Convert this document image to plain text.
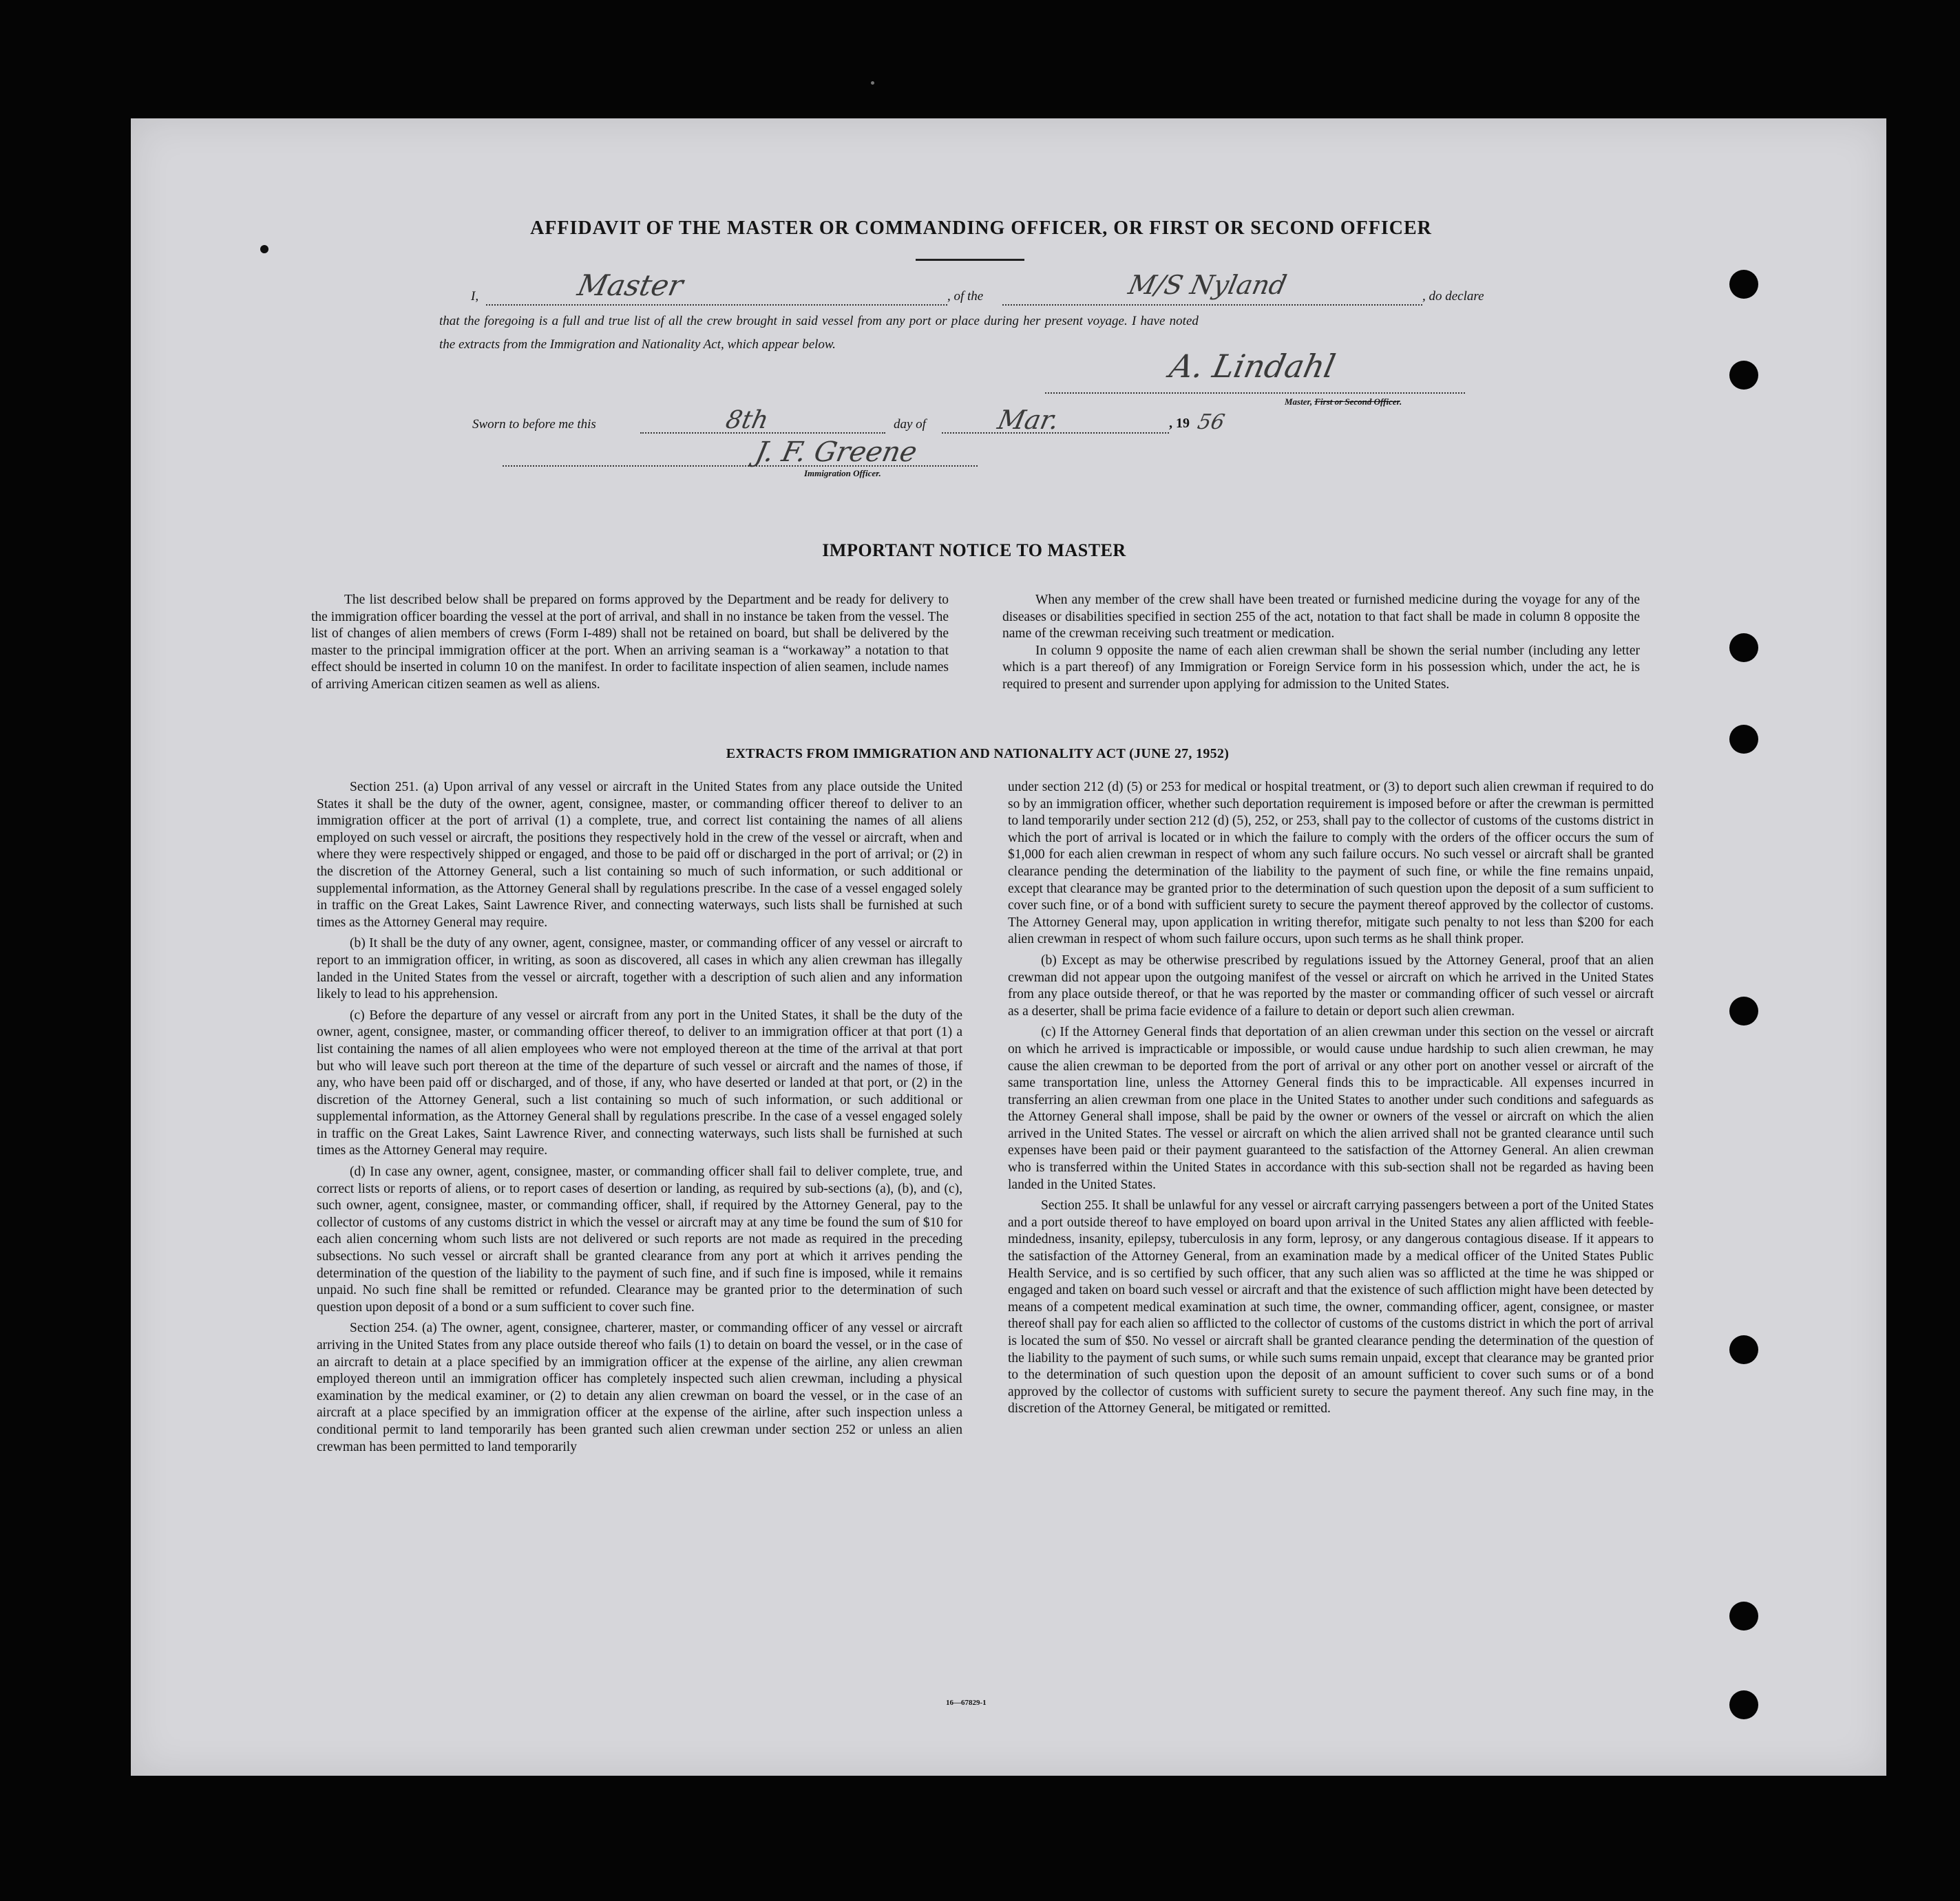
AFFIDAVIT OF THE MASTER OR COMMANDING OFFICER, OR FIRST OR SECOND OFFICER
I,	Master	, of the	M/S Nyland	, do declare
that the foregoing is a full and true list of all the crew brought in said vessel from any port or place during her present voyage. I have noted
the extracts from the Immigration and Nationality Act, which appear below.
A. Lindahl
Master, First or Second Officer.
Sworn to before me this	8th	day of	Mar.	, 19 56
J. F. Greene
Immigration Officer.
IMPORTANT NOTICE TO MASTER

The list described below shall be prepared on forms approved by the Department and be ready for delivery to the immigration officer boarding the vessel at the port of arrival, and shall in no instance be taken from the vessel. The list of changes of alien members of crews (Form I-489) shall not be retained on board, but shall be delivered by the master to the principal immigration officer at the port. When an arriving seaman is a “workaway” a notation to that effect should be inserted in column 10 on the manifest. In order to facilitate inspection of alien seamen, include names of arriving American citizen seamen as well as aliens.

When any member of the crew shall have been treated or furnished medicine during the voyage for any of the diseases or disabilities specified in section 255 of the act, notation to that fact shall be made in column 8 opposite the name of the crewman receiving such treatment or medication.

In column 9 opposite the name of each alien crewman shall be shown the serial number (including any letter which is a part thereof) of any Immigration or Foreign Service form in his possession which, under the act, he is required to present and surrender upon applying for admission to the United States.

EXTRACTS FROM IMMIGRATION AND NATIONALITY ACT (JUNE 27, 1952)

Section 251. (a) Upon arrival of any vessel or aircraft in the United States from any place outside the United States it shall be the duty of the owner, agent, consignee, master, or commanding officer thereof to deliver to an immigration officer at the port of arrival (1) a complete, true, and correct list containing the names of all aliens employed on such vessel or aircraft, the positions they respectively hold in the crew of the vessel or aircraft, when and where they were respectively shipped or engaged, and those to be paid off or discharged in the port of arrival; or (2) in the discretion of the Attorney General, such a list containing so much of such information, or such additional or supplemental information, as the Attorney General shall by regulations prescribe. In the case of a vessel engaged solely in traffic on the Great Lakes, Saint Lawrence River, and connecting waterways, such lists shall be furnished at such times as the Attorney General may require.

(b) It shall be the duty of any owner, agent, consignee, master, or commanding officer of any vessel or aircraft to report to an immigration officer, in writing, as soon as discovered, all cases in which any alien crewman has illegally landed in the United States from the vessel or aircraft, together with a description of such alien and any information likely to lead to his apprehension.

(c) Before the departure of any vessel or aircraft from any port in the United States, it shall be the duty of the owner, agent, consignee, master, or commanding officer thereof, to deliver to an immigration officer at that port (1) a list containing the names of all alien employees who were not employed thereon at the time of the arrival at that port but who will leave such port thereon at the time of the departure of such vessel or aircraft and the names of those, if any, who have been paid off or discharged, and of those, if any, who have deserted or landed at that port, or (2) in the discretion of the Attorney General, such a list containing so much of such information, or such additional or supplemental information, as the Attorney General shall by regulations prescribe. In the case of a vessel engaged solely in traffic on the Great Lakes, Saint Lawrence River, and connecting waterways, such lists shall be furnished at such times as the Attorney General may require.

(d) In case any owner, agent, consignee, master, or commanding officer shall fail to deliver complete, true, and correct lists or reports of aliens, or to report cases of desertion or landing, as required by sub-sections (a), (b), and (c), such owner, agent, consignee, master, or commanding officer, shall, if required by the Attorney General, pay to the collector of customs of any customs district in which the vessel or aircraft may at any time be found the sum of $10 for each alien concerning whom such lists are not delivered or such reports are not made as required in the preceding subsections. No such vessel or aircraft shall be granted clearance from any port at which it arrives pending the determination of the question of the liability to the payment of such fine, and if such fine is imposed, while it remains unpaid. No such fine shall be remitted or refunded. Clearance may be granted prior to the determination of such question upon deposit of a bond or a sum sufficient to cover such fine.

Section 254. (a) The owner, agent, consignee, charterer, master, or commanding officer of any vessel or aircraft arriving in the United States from any place outside thereof who fails (1) to detain on board the vessel, or in the case of an aircraft to detain at a place specified by an immigration officer at the expense of the airline, any alien crewman employed thereon until an immigration officer has completely inspected such alien crewman, including a physical examination by the medical examiner, or (2) to detain any alien crewman on board the vessel, or in the case of an aircraft at a place specified by an immigration officer at the expense of the airline, after such inspection unless a conditional permit to land temporarily has been granted such alien crewman under section 252 or unless an alien crewman has been permitted to land temporarily

under section 212 (d) (5) or 253 for medical or hospital treatment, or (3) to deport such alien crewman if required to do so by an immigration officer, whether such deportation requirement is imposed before or after the crewman is permitted to land temporarily under section 212 (d) (5), 252, or 253, shall pay to the collector of customs of the customs district in which the port of arrival is located or in which the failure to comply with the orders of the officer occurs the sum of $1,000 for each alien crewman in respect of whom any such failure occurs. No such vessel or aircraft shall be granted clearance pending the determination of the liability to the payment of such fine, or while the fine remains unpaid, except that clearance may be granted prior to the determination of such question upon the deposit of a sum sufficient to cover such fine, or of a bond with sufficient surety to secure the payment thereof approved by the collector of customs. The Attorney General may, upon application in writing therefor, mitigate such penalty to not less than $200 for each alien crewman in respect of whom such failure occurs, upon such terms as he shall think proper.

(b) Except as may be otherwise prescribed by regulations issued by the Attorney General, proof that an alien crewman did not appear upon the outgoing manifest of the vessel or aircraft on which he arrived in the United States from any place outside thereof, or that he was reported by the master or commanding officer of such vessel or aircraft as a deserter, shall be prima facie evidence of a failure to detain or deport such alien crewman.

(c) If the Attorney General finds that deportation of an alien crewman under this section on the vessel or aircraft on which he arrived is impracticable or impossible, or would cause undue hardship to such alien crewman, he may cause the alien crewman to be deported from the port of arrival or any other port on another vessel or aircraft of the same transportation line, unless the Attorney General finds this to be impracticable. All expenses incurred in transferring an alien crewman from one place in the United States to another under such conditions and safeguards as the Attorney General shall impose, shall be paid by the owner or owners of the vessel or aircraft on which the alien arrived in the United States. The vessel or aircraft on which the alien arrived shall not be granted clearance until such expenses have been paid or their payment guaranteed to the satisfaction of the Attorney General. An alien crewman who is transferred within the United States in accordance with this sub-section shall not be regarded as having been landed in the United States.

Section 255. It shall be unlawful for any vessel or aircraft carrying passengers between a port of the United States and a port outside thereof to have employed on board upon arrival in the United States any alien afflicted with feeble-mindedness, insanity, epilepsy, tuberculosis in any form, leprosy, or any dangerous contagious disease. If it appears to the satisfaction of the Attorney General, from an examination made by a medical officer of the United States Public Health Service, and is so certified by such officer, that any such alien was so afflicted at the time he was shipped or engaged and taken on board such vessel or aircraft and that the existence of such affliction might have been detected by means of a competent medical examination at such time, the owner, commanding officer, agent, consignee, or master thereof shall pay for each alien so afflicted to the collector of customs of the customs district in which the port of arrival is located the sum of $50. No vessel or aircraft shall be granted clearance pending the determination of the question of the liability to the payment of such sums, or while such sums remain unpaid, except that clearance may be granted prior to the determination of such question upon the deposit of an amount sufficient to cover such sums or of a bond approved by the collector of customs with sufficient surety to secure the payment thereof. Any such fine may, in the discretion of the Attorney General, be mitigated or remitted.

16—67829-1
